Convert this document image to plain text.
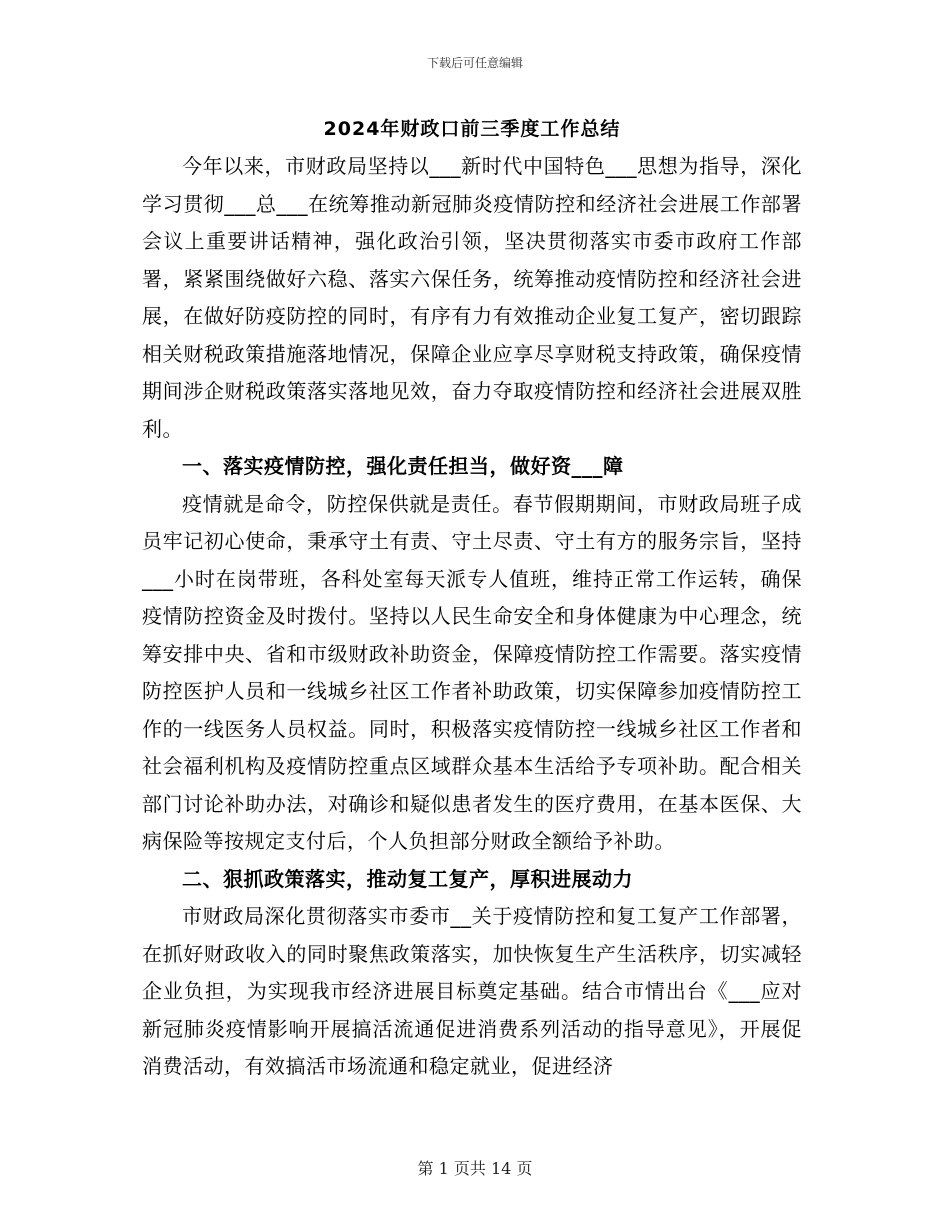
下载后可任意编辑
2024年财政口前三季度工作总结

今年以来，市财政局坚持以___新时代中国特色___思想为指导，深化学习贯彻___总___在统筹推动新冠肺炎疫情防控和经济社会进展工作部署会议上重要讲话精神，强化政治引领，坚决贯彻落实市委市政府工作部署，紧紧围绕做好六稳、落实六保任务，统筹推动疫情防控和经济社会进展，在做好防疫防控的同时，有序有力有效推动企业复工复产，密切跟踪相关财税政策措施落地情况，保障企业应享尽享财税支持政策，确保疫情期间涉企财税政策落实落地见效，奋力夺取疫情防控和经济社会进展双胜利。

一、落实疫情防控，强化责任担当，做好资___障

疫情就是命令，防控保供就是责任。春节假期期间，市财政局班子成员牢记初心使命，秉承守土有责、守土尽责、守土有方的服务宗旨，坚持___小时在岗带班，各科处室每天派专人值班，维持正常工作运转，确保疫情防控资金及时拨付。坚持以人民生命安全和身体健康为中心理念，统筹安排中央、省和市级财政补助资金，保障疫情防控工作需要。落实疫情防控医护人员和一线城乡社区工作者补助政策，切实保障参加疫情防控工作的一线医务人员权益。同时，积极落实疫情防控一线城乡社区工作者和社会福利机构及疫情防控重点区域群众基本生活给予专项补助。配合相关部门讨论补助办法，对确诊和疑似患者发生的医疗费用，在基本医保、大病保险等按规定支付后，个人负担部分财政全额给予补助。

二、狠抓政策落实，推动复工复产，厚积进展动力

市财政局深化贯彻落实市委市__关于疫情防控和复工复产工作部署，在抓好财政收入的同时聚焦政策落实，加快恢复生产生活秩序，切实减轻企业负担，为实现我市经济进展目标奠定基础。结合市情出台《___应对新冠肺炎疫情影响开展搞活流通促进消费系列活动的指导意见》，开展促消费活动，有效搞活市场流通和稳定就业，促进经济

第 1 页共 14 页
